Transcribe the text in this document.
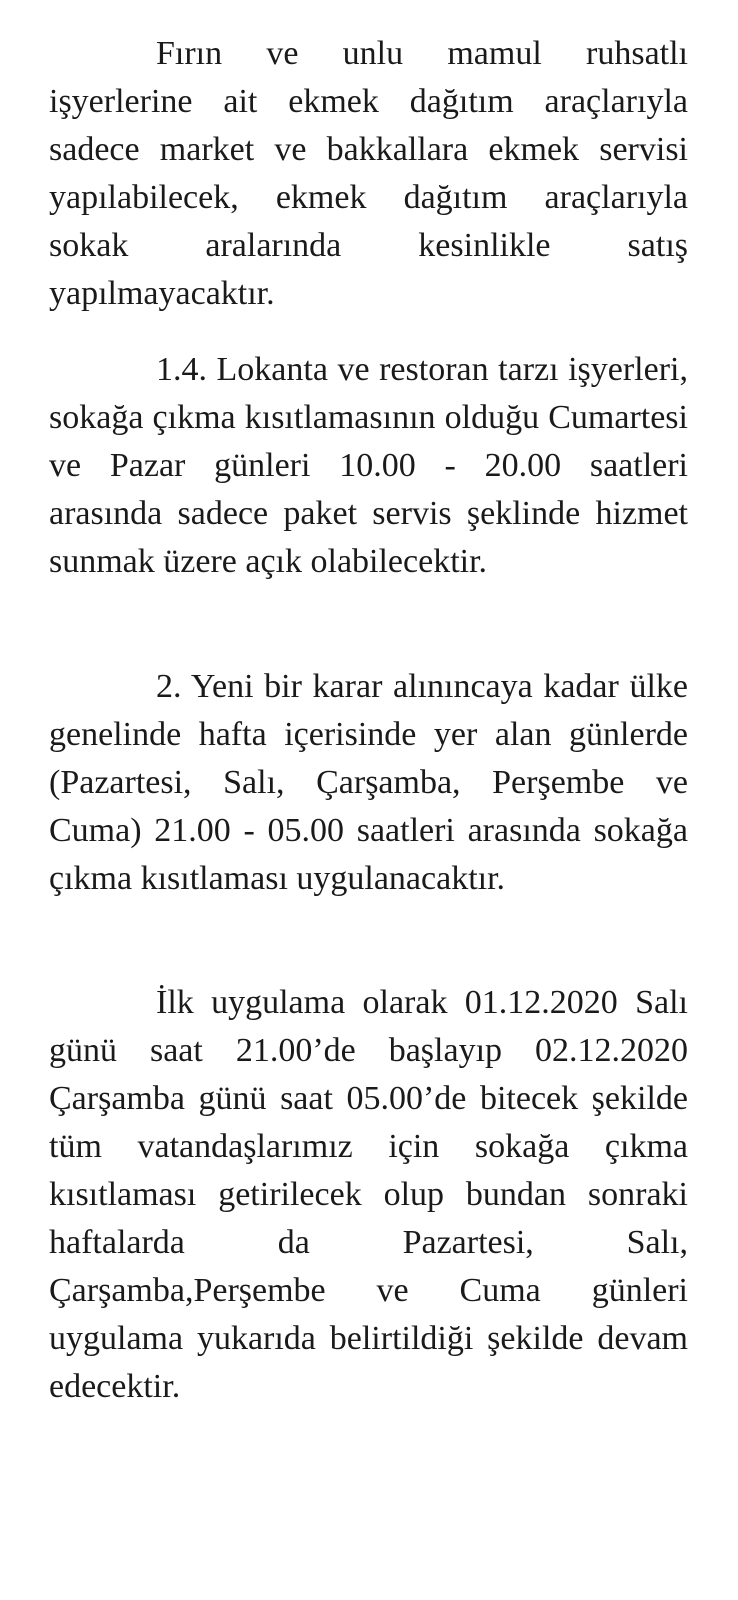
Fırın ve unlu mamul ruhsatlı işyerlerine ait ekmek dağıtım araçlarıyla sadece market ve bakkallara ekmek servisi yapılabilecek, ekmek dağıtım araçlarıyla sokak aralarında kesinlikle satış yapılmayacaktır.

1.4. Lokanta ve restoran tarzı işyerleri, sokağa çıkma kısıtlamasının olduğu Cumartesi ve Pazar günleri 10.00 - 20.00 saatleri arasında sadece paket servis şeklinde hizmet sunmak üzere açık olabilecektir.

2. Yeni bir karar alınıncaya kadar ülke genelinde hafta içerisinde yer alan günlerde (Pazartesi, Salı, Çarşamba, Perşembe ve Cuma) 21.00 - 05.00 saatleri arasında sokağa çıkma kısıtlaması uygulanacaktır.

İlk uygulama olarak 01.12.2020 Salı günü saat 21.00’de başlayıp 02.12.2020 Çarşamba günü saat 05.00’de bitecek şekilde tüm vatandaşlarımız için sokağa çıkma kısıtlaması getirilecek olup bundan sonraki haftalarda da Pazartesi, Salı, Çarşamba,Perşembe ve Cuma günleri uygulama yukarıda belirtildiği şekilde devam edecektir.
